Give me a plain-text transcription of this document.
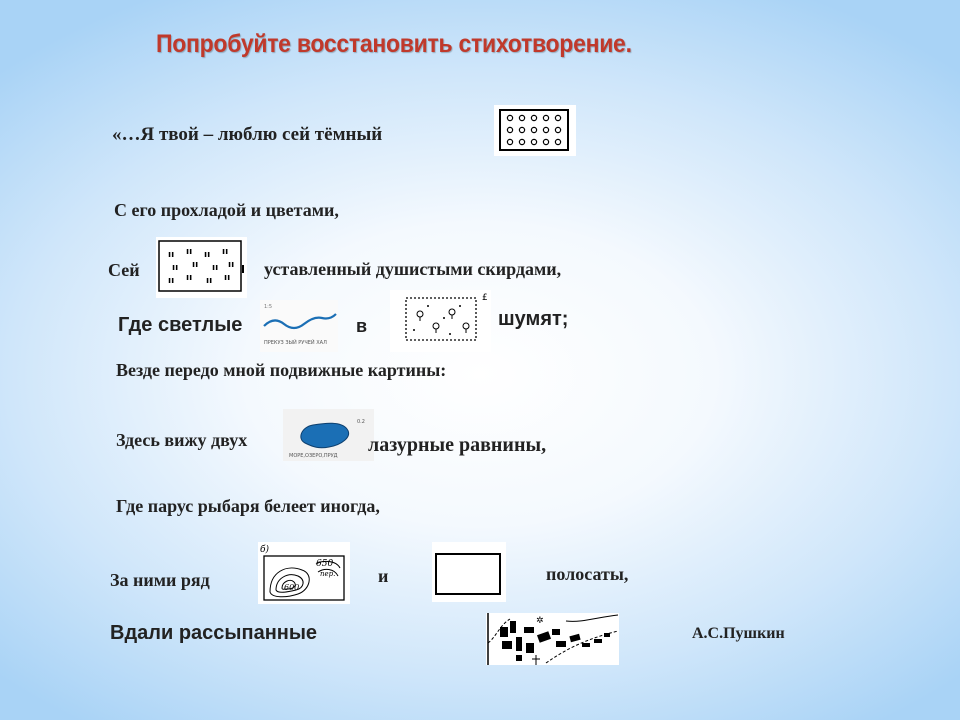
Попробуйте восстановить стихотворение.
«…Я твой – люблю сей тёмный
С его прохладой и цветами,
Сей
ıı ıı ıı ıı
ıı ıı ıı ıı
ıı ıı ıı ıı уставленный душистыми скирдами,
Где светлые
1:5
ПРЕКУЗ ЗЫЙ РУЧЕЙ ХАЛ
в
£
шумят;
Везде передо мной подвижные картины:
Здесь вижу двух
0.2
МОРЕ,ОЗЕРО,ПРУД лазурные равнины,
Где парус рыбаря белеет иногда,
За ними ряд
б)
650
пер.
600
и	полосаты,
Вдали рассыпанные
✲
А.С.Пушкин
